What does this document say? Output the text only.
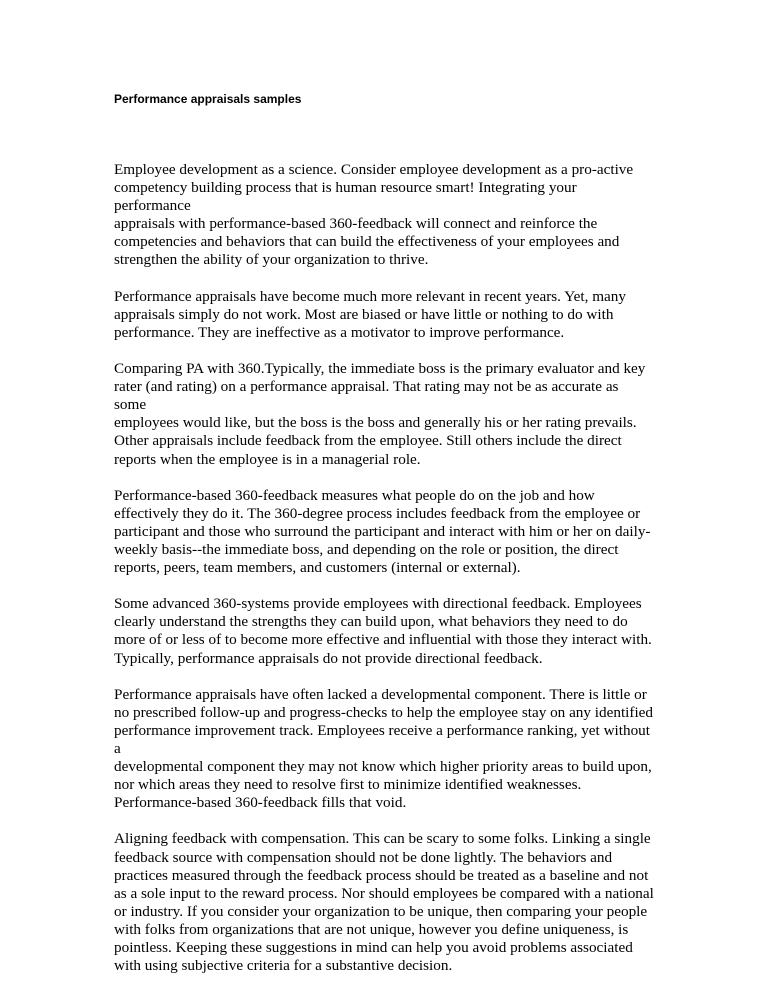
Performance appraisals samples

Employee development as a science. Consider employee development as a pro-active
competency building process that is human resource smart! Integrating your performance
appraisals with performance-based 360-feedback will connect and reinforce the
competencies and behaviors that can build the effectiveness of your employees and
strengthen the ability of your organization to thrive.

Performance appraisals have become much more relevant in recent years. Yet, many
appraisals simply do not work. Most are biased or have little or nothing to do with
performance. They are ineffective as a motivator to improve performance.

Comparing PA with 360.Typically, the immediate boss is the primary evaluator and key
rater (and rating) on a performance appraisal. That rating may not be as accurate as some
employees would like, but the boss is the boss and generally his or her rating prevails.
Other appraisals include feedback from the employee. Still others include the direct
reports when the employee is in a managerial role.

Performance-based 360-feedback measures what people do on the job and how
effectively they do it. The 360-degree process includes feedback from the employee or
participant and those who surround the participant and interact with him or her on daily-
weekly basis--the immediate boss, and depending on the role or position, the direct
reports, peers, team members, and customers (internal or external).

Some advanced 360-systems provide employees with directional feedback. Employees
clearly understand the strengths they can build upon, what behaviors they need to do
more of or less of to become more effective and influential with those they interact with.
Typically, performance appraisals do not provide directional feedback.

Performance appraisals have often lacked a developmental component. There is little or
no prescribed follow-up and progress-checks to help the employee stay on any identified
performance improvement track. Employees receive a performance ranking, yet without a
developmental component they may not know which higher priority areas to build upon,
nor which areas they need to resolve first to minimize identified weaknesses.
Performance-based 360-feedback fills that void.

Aligning feedback with compensation. This can be scary to some folks. Linking a single
feedback source with compensation should not be done lightly. The behaviors and
practices measured through the feedback process should be treated as a baseline and not
as a sole input to the reward process. Nor should employees be compared with a national
or industry. If you consider your organization to be unique, then comparing your people
with folks from organizations that are not unique, however you define uniqueness, is
pointless. Keeping these suggestions in mind can help you avoid problems associated
with using subjective criteria for a substantive decision.
